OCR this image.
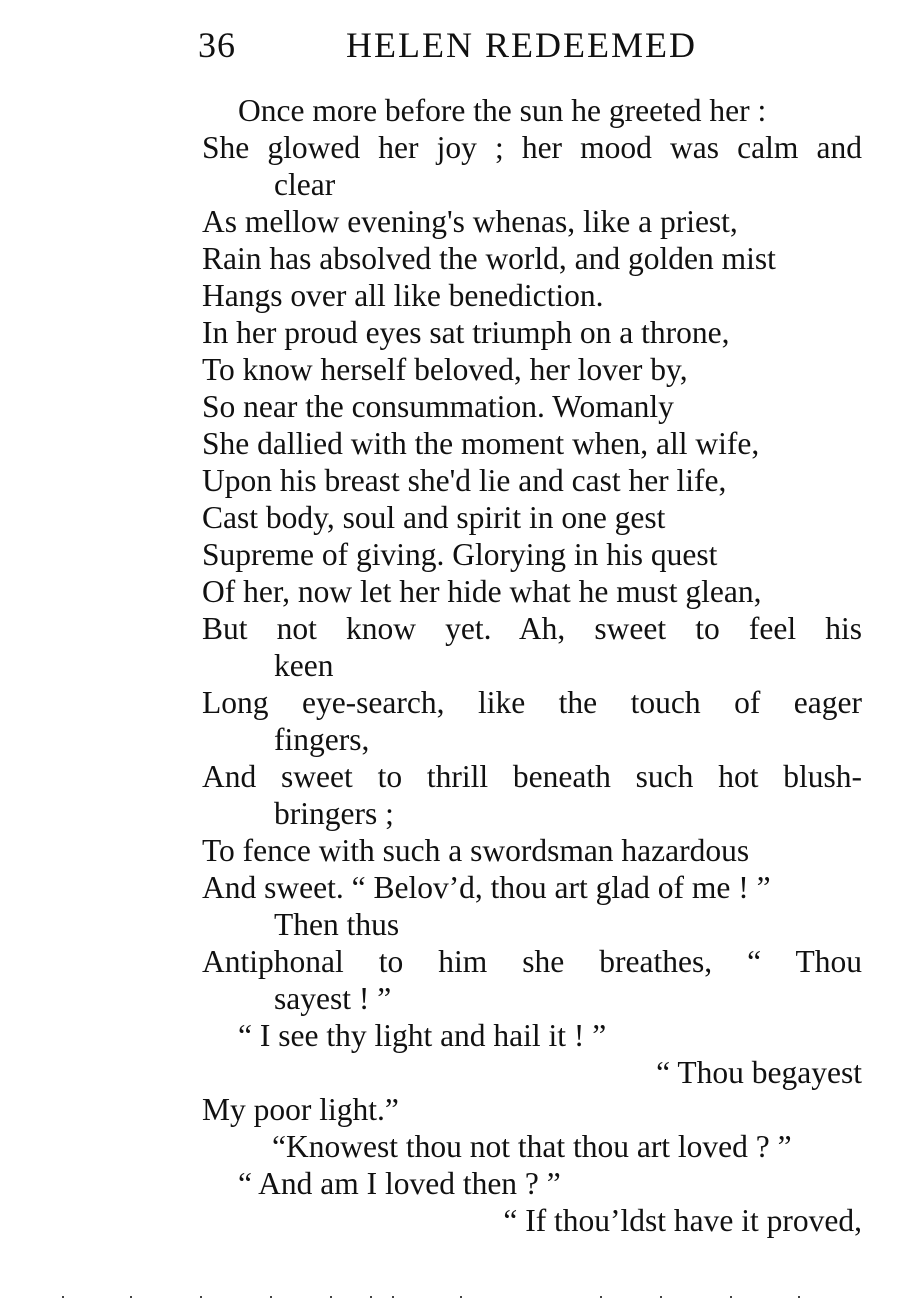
36	HELEN REDEEMED
Once more before the sun he greeted her :
She glowed her joy ; her mood was calm and
clear
As mellow evening's whenas, like a priest,
Rain has absolved the world, and golden mist
Hangs over all like benediction.
In her proud eyes sat triumph on a throne,
To know herself beloved, her lover by,
So near the consummation. Womanly
She dallied with the moment when, all wife,
Upon his breast she'd lie and cast her life,
Cast body, soul and spirit in one gest
Supreme of giving. Glorying in his quest
Of her, now let her hide what he must glean,
But not know yet. Ah, sweet to feel his
keen
Long eye-search, like the touch of eager
fingers,
And sweet to thrill beneath such hot blush-
bringers ;
To fence with such a swordsman hazardous
And sweet. “ Belov’d, thou art glad of me ! ”
Then thus
Antiphonal to him she breathes, “ Thou
sayest ! ”
“ I see thy light and hail it ! ”
“ Thou begayest
My poor light.”
“Knowest thou not that thou art loved ? ”
“ And am I loved then ? ”
“ If thou’ldst have it proved,
